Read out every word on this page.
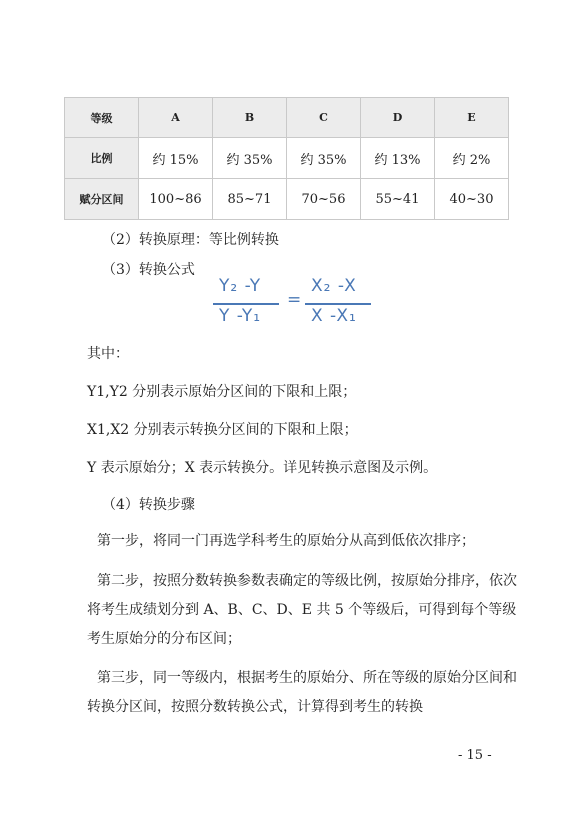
等级	A	B	C	D	E
比例	约 15%	约 35%	约 35%	约 13%	约 2%
赋分区间	100~86	85~71	70~56	55~41	40~30
（2）转换原理：等比例转换
（3）转换公式
Y₂ -Y
Y -Y₁
=
X₂ -X
X -X₁
其中：
Y1,Y2 分别表示原始分区间的下限和上限；
X1,X2 分别表示转换分区间的下限和上限；
Y 表示原始分；X 表示转换分。详见转换示意图及示例。
（4）转换步骤
第一步，将同一门再选学科考生的原始分从高到低依次排序；
第二步，按照分数转换参数表确定的等级比例，按原始分排序，依次将考生成绩划分到 A、B、C、D、E 共 5 个等级后，可得到每个等级考生原始分的分布区间；
第三步，同一等级内，根据考生的原始分、所在等级的原始分区间和转换分区间，按照分数转换公式，计算得到考生的转换
- 15 -
